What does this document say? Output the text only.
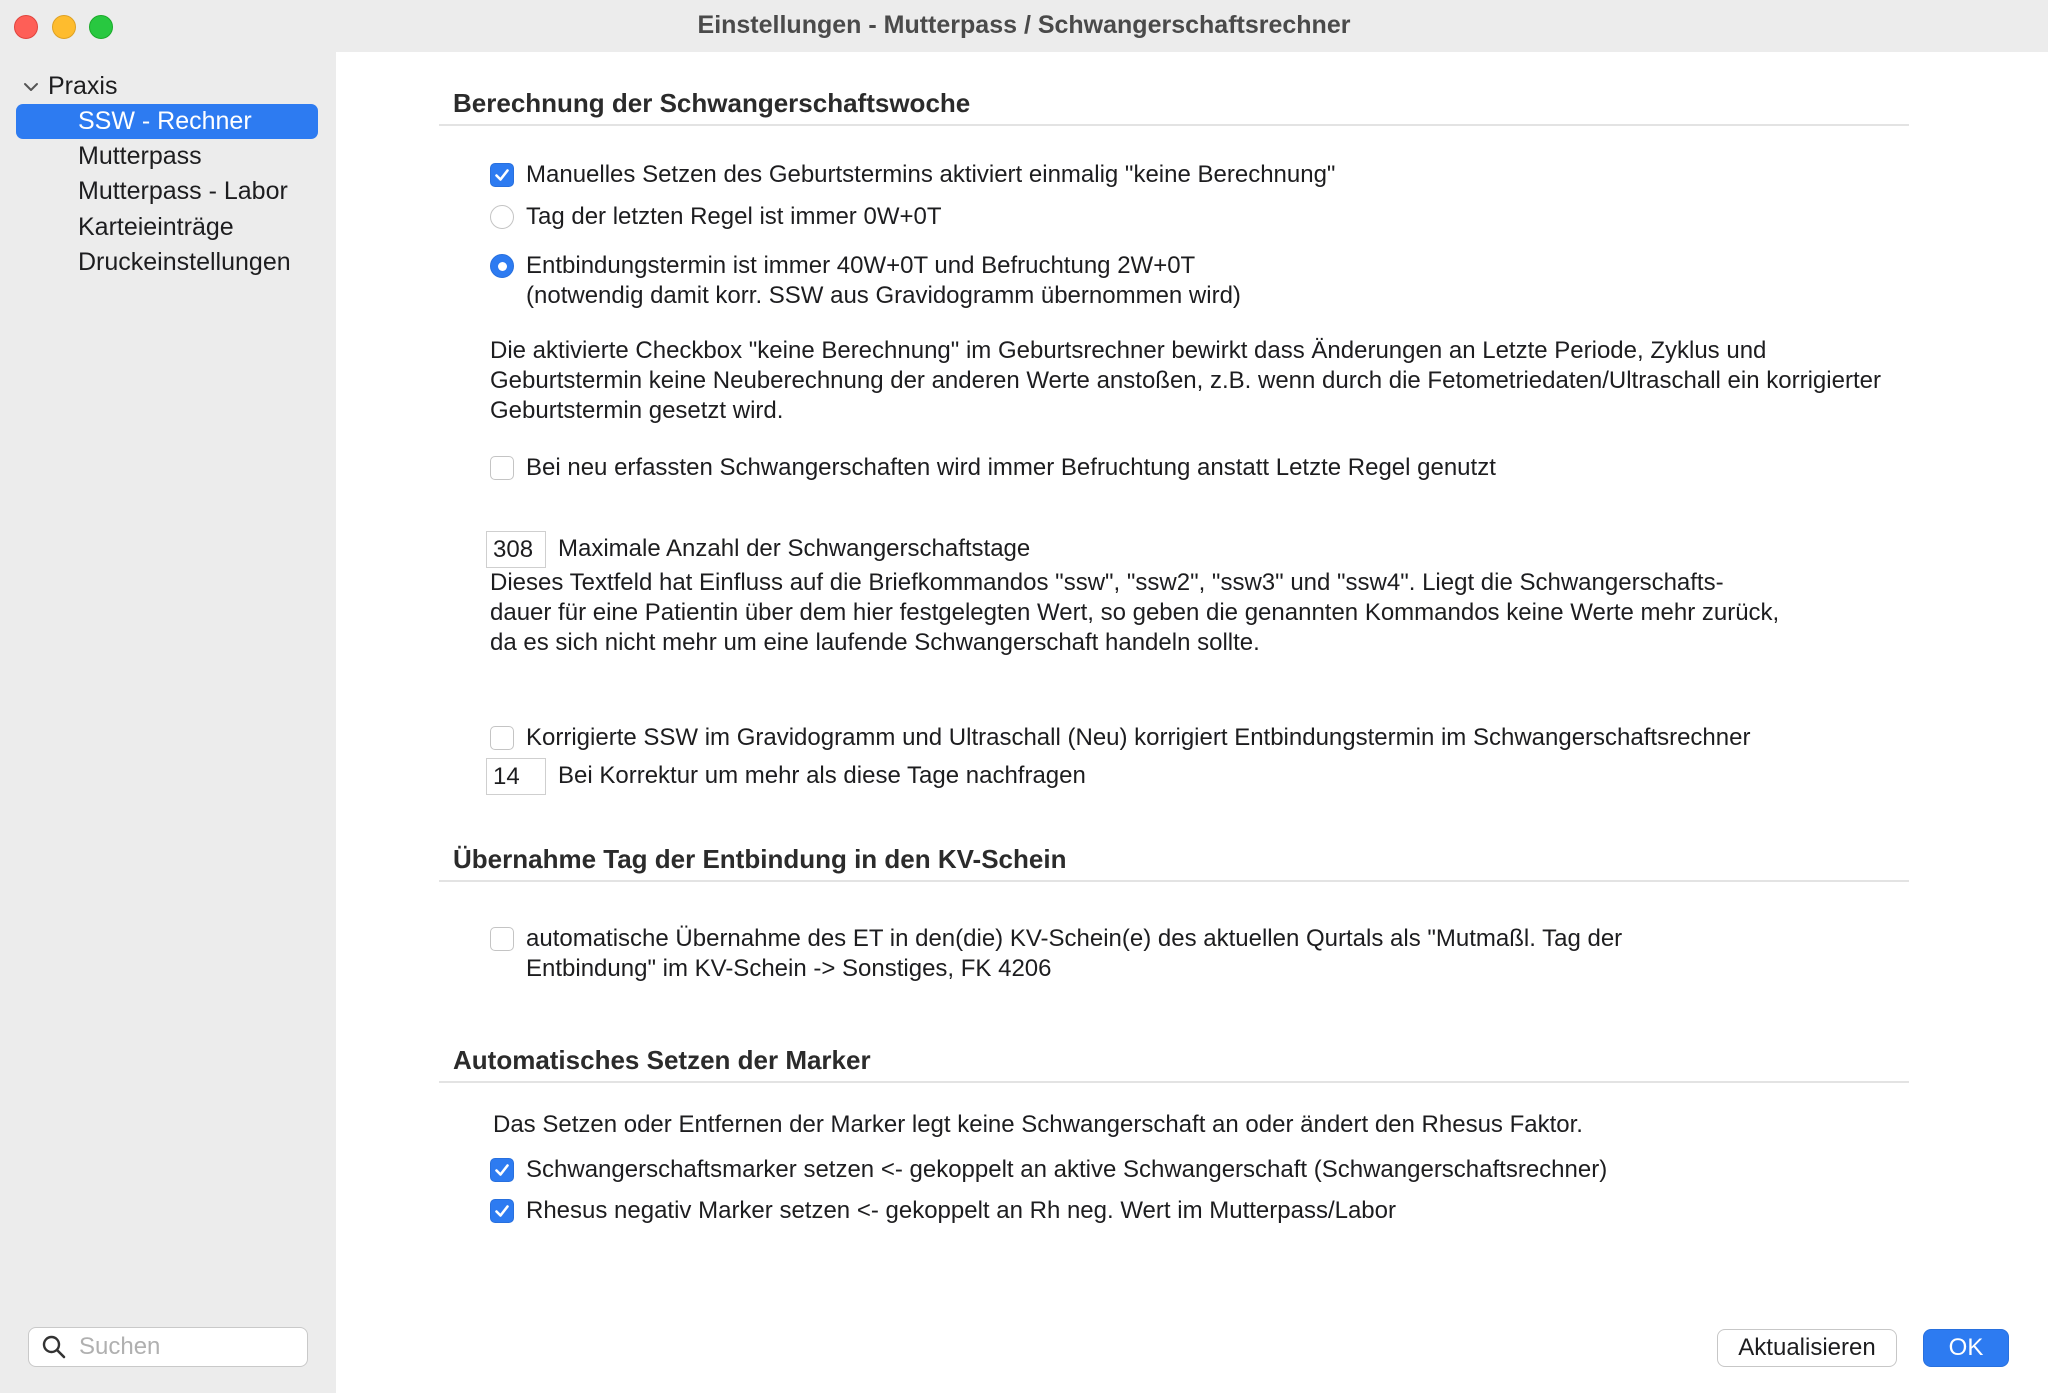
Einstellungen - Mutterpass / Schwangerschaftsrechner
Praxis
SSW - Rechner
Mutterpass
Mutterpass - Labor
Karteieinträge
Druckeinstellungen
Suchen
Berechnung der Schwangerschaftswoche
Manuelles Setzen des Geburtstermins aktiviert einmalig "keine Berechnung"
Tag der letzten Regel ist immer 0W+0T
Entbindungstermin ist immer 40W+0T und Befruchtung 2W+0T
(notwendig damit korr. SSW aus Gravidogramm übernommen wird)
Die aktivierte Checkbox "keine Berechnung" im Geburtsrechner bewirkt dass Änderungen an Letzte Periode, Zyklus und Geburtstermin keine Neuberechnung der anderen Werte anstoßen, z.B. wenn durch die Fetometriedaten/Ultraschall ein korrigierter Geburtstermin gesetzt wird.
Bei neu erfassten Schwangerschaften wird immer Befruchtung anstatt Letzte Regel genutzt
308	Maximale Anzahl der Schwangerschaftstage
Dieses Textfeld hat Einfluss auf die Briefkommandos "ssw", "ssw2", "ssw3" und "ssw4". Liegt die Schwangerschafts-
dauer für eine Patientin über dem hier festgelegten Wert, so geben die genannten Kommandos keine Werte mehr zurück,
da es sich nicht mehr um eine laufende Schwangerschaft handeln sollte.
Korrigierte SSW im Gravidogramm und Ultraschall (Neu) korrigiert Entbindungstermin im Schwangerschaftsrechner
14	Bei Korrektur um mehr als diese Tage nachfragen
Übernahme Tag der Entbindung in den KV-Schein
automatische Übernahme des ET in den(die) KV-Schein(e) des aktuellen Qurtals als "Mutmaßl. Tag der
Entbindung" im KV-Schein -> Sonstiges, FK 4206
Automatisches Setzen der Marker
Das Setzen oder Entfernen der Marker legt keine Schwangerschaft an oder ändert den Rhesus Faktor.
Schwangerschaftsmarker setzen <- gekoppelt an aktive Schwangerschaft (Schwangerschaftsrechner)
Rhesus negativ Marker setzen <- gekoppelt an Rh neg. Wert im Mutterpass/Labor
Aktualisieren	OK
